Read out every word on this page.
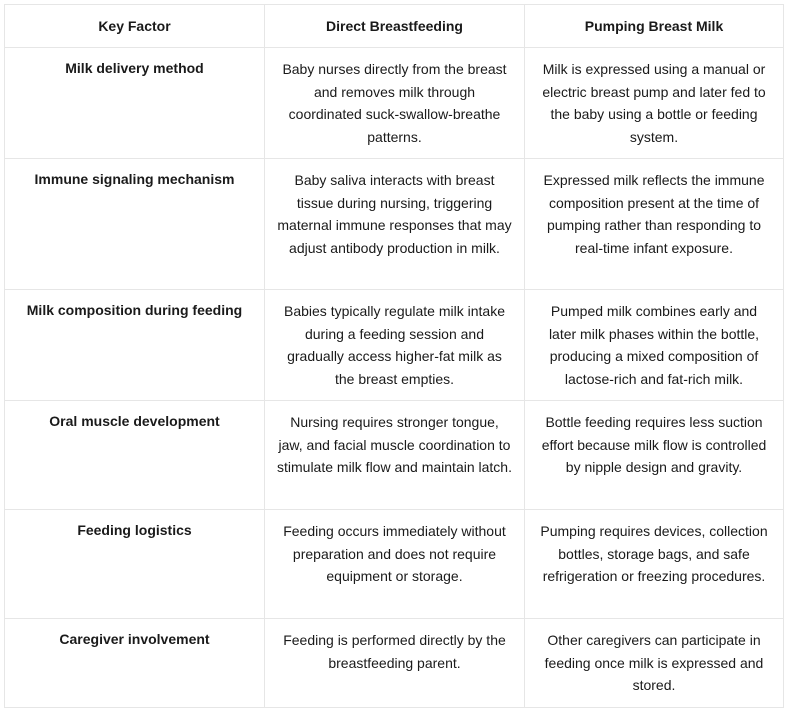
Key Factor	Direct Breastfeeding	Pumping Breast Milk
Milk delivery method	Baby nurses directly from the breast and removes milk through coordinated suck-swallow-breathe patterns.	Milk is expressed using a manual or electric breast pump and later fed to the baby using a bottle or feeding system.
Immune signaling mechanism	Baby saliva interacts with breast tissue during nursing, triggering maternal immune responses that may adjust antibody production in milk.	Expressed milk reflects the immune composition present at the time of pumping rather than responding to real-time infant exposure.
Milk composition during feeding	Babies typically regulate milk intake during a feeding session and gradually access higher-fat milk as the breast empties.	Pumped milk combines early and later milk phases within the bottle, producing a mixed composition of lactose-rich and fat-rich milk.
Oral muscle development	Nursing requires stronger tongue, jaw, and facial muscle coordination to stimulate milk flow and maintain latch.	Bottle feeding requires less suction effort because milk flow is controlled by nipple design and gravity.
Feeding logistics	Feeding occurs immediately without preparation and does not require equipment or storage.	Pumping requires devices, collection bottles, storage bags, and safe refrigeration or freezing procedures.
Caregiver involvement	Feeding is performed directly by the breastfeeding parent.	Other caregivers can participate in feeding once milk is expressed and stored.
